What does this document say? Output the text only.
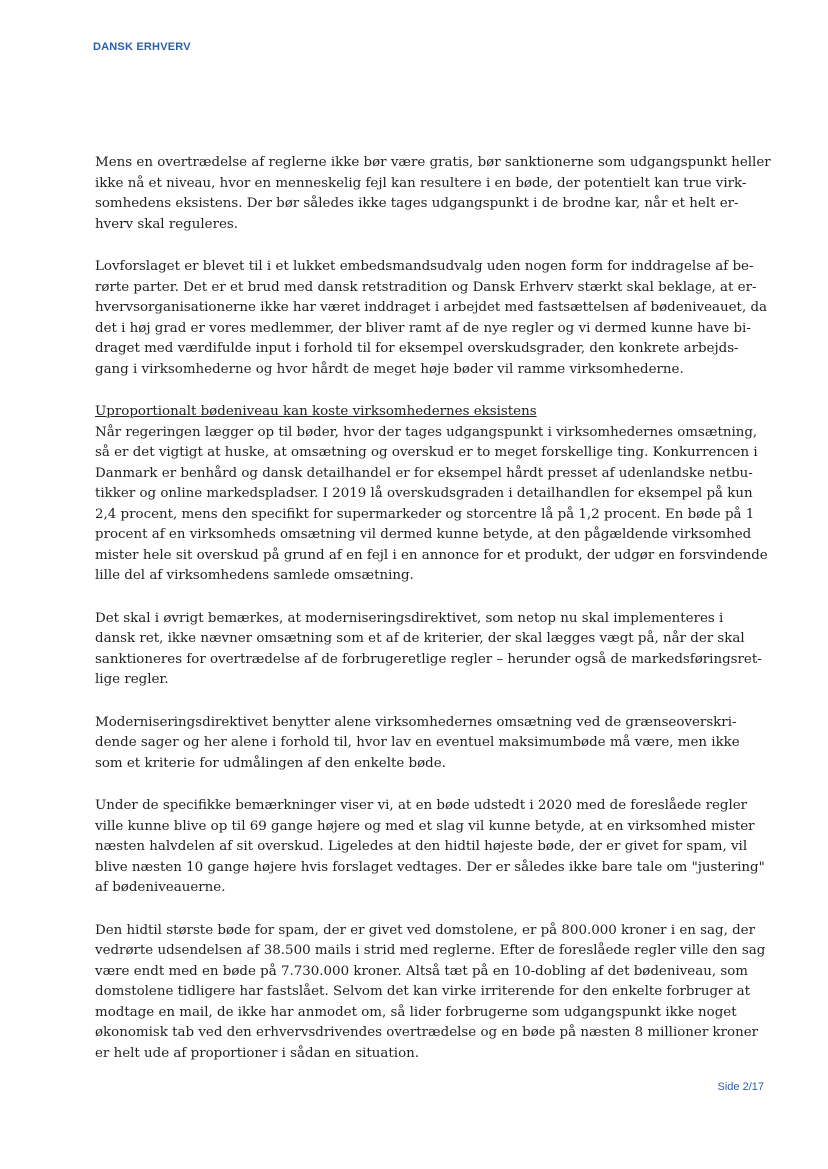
DANSK ERHVERV
Mens en overtrædelse af reglerne ikke bør være gratis, bør sanktionerne som udgangspunkt heller
ikke nå et niveau, hvor en menneskelig fejl kan resultere i en bøde, der potentielt kan true virk-
somhedens eksistens. Der bør således ikke tages udgangspunkt i de brodne kar, når et helt er-
hverv skal reguleres.
Lovforslaget er blevet til i et lukket embedsmandsudvalg uden nogen form for inddragelse af be-
rørte parter. Det er et brud med dansk retstradition og Dansk Erhverv stærkt skal beklage, at er-
hvervsorganisationerne ikke har været inddraget i arbejdet med fastsættelsen af bødeniveauet, da
det i høj grad er vores medlemmer, der bliver ramt af de nye regler og vi dermed kunne have bi-
draget med værdifulde input i forhold til for eksempel overskudsgrader, den konkrete arbejds-
gang i virksomhederne og hvor hårdt de meget høje bøder vil ramme virksomhederne.
Uproportionalt bødeniveau kan koste virksomhedernes eksistens
Når regeringen lægger op til bøder, hvor der tages udgangspunkt i virksomhedernes omsætning,
så er det vigtigt at huske, at omsætning og overskud er to meget forskellige ting. Konkurrencen i
Danmark er benhård og dansk detailhandel er for eksempel hårdt presset af udenlandske netbu-
tikker og online markedspladser. I 2019 lå overskudsgraden i detailhandlen for eksempel på kun
2,4 procent, mens den specifikt for supermarkeder og storcentre lå på 1,2 procent. En bøde på 1
procent af en virksomheds omsætning vil dermed kunne betyde, at den pågældende virksomhed
mister hele sit overskud på grund af en fejl i en annonce for et produkt, der udgør en forsvindende
lille del af virksomhedens samlede omsætning.
Det skal i øvrigt bemærkes, at moderniseringsdirektivet, som netop nu skal implementeres i
dansk ret, ikke nævner omsætning som et af de kriterier, der skal lægges vægt på, når der skal
sanktioneres for overtrædelse af de forbrugeretlige regler – herunder også de markedsføringsret-
lige regler.
Moderniseringsdirektivet benytter alene virksomhedernes omsætning ved de grænseoverskri-
dende sager og her alene i forhold til, hvor lav en eventuel maksimumbøde må være, men ikke
som et kriterie for udmålingen af den enkelte bøde.
Under de specifikke bemærkninger viser vi, at en bøde udstedt i 2020 med de foreslåede regler
ville kunne blive op til 69 gange højere og med et slag vil kunne betyde, at en virksomhed mister
næsten halvdelen af sit overskud. Ligeledes at den hidtil højeste bøde, der er givet for spam, vil
blive næsten 10 gange højere hvis forslaget vedtages. Der er således ikke bare tale om "justering"
af bødeniveauerne.
Den hidtil største bøde for spam, der er givet ved domstolene, er på 800.000 kroner i en sag, der
vedrørte udsendelsen af 38.500 mails i strid med reglerne. Efter de foreslåede regler ville den sag
være endt med en bøde på 7.730.000 kroner. Altså tæt på en 10-dobling af det bødeniveau, som
domstolene tidligere har fastslået. Selvom det kan virke irriterende for den enkelte forbruger at
modtage en mail, de ikke har anmodet om, så lider forbrugerne som udgangspunkt ikke noget
økonomisk tab ved den erhvervsdrivendes overtrædelse og en bøde på næsten 8 millioner kroner
er helt ude af proportioner i sådan en situation.
Side 2/17
